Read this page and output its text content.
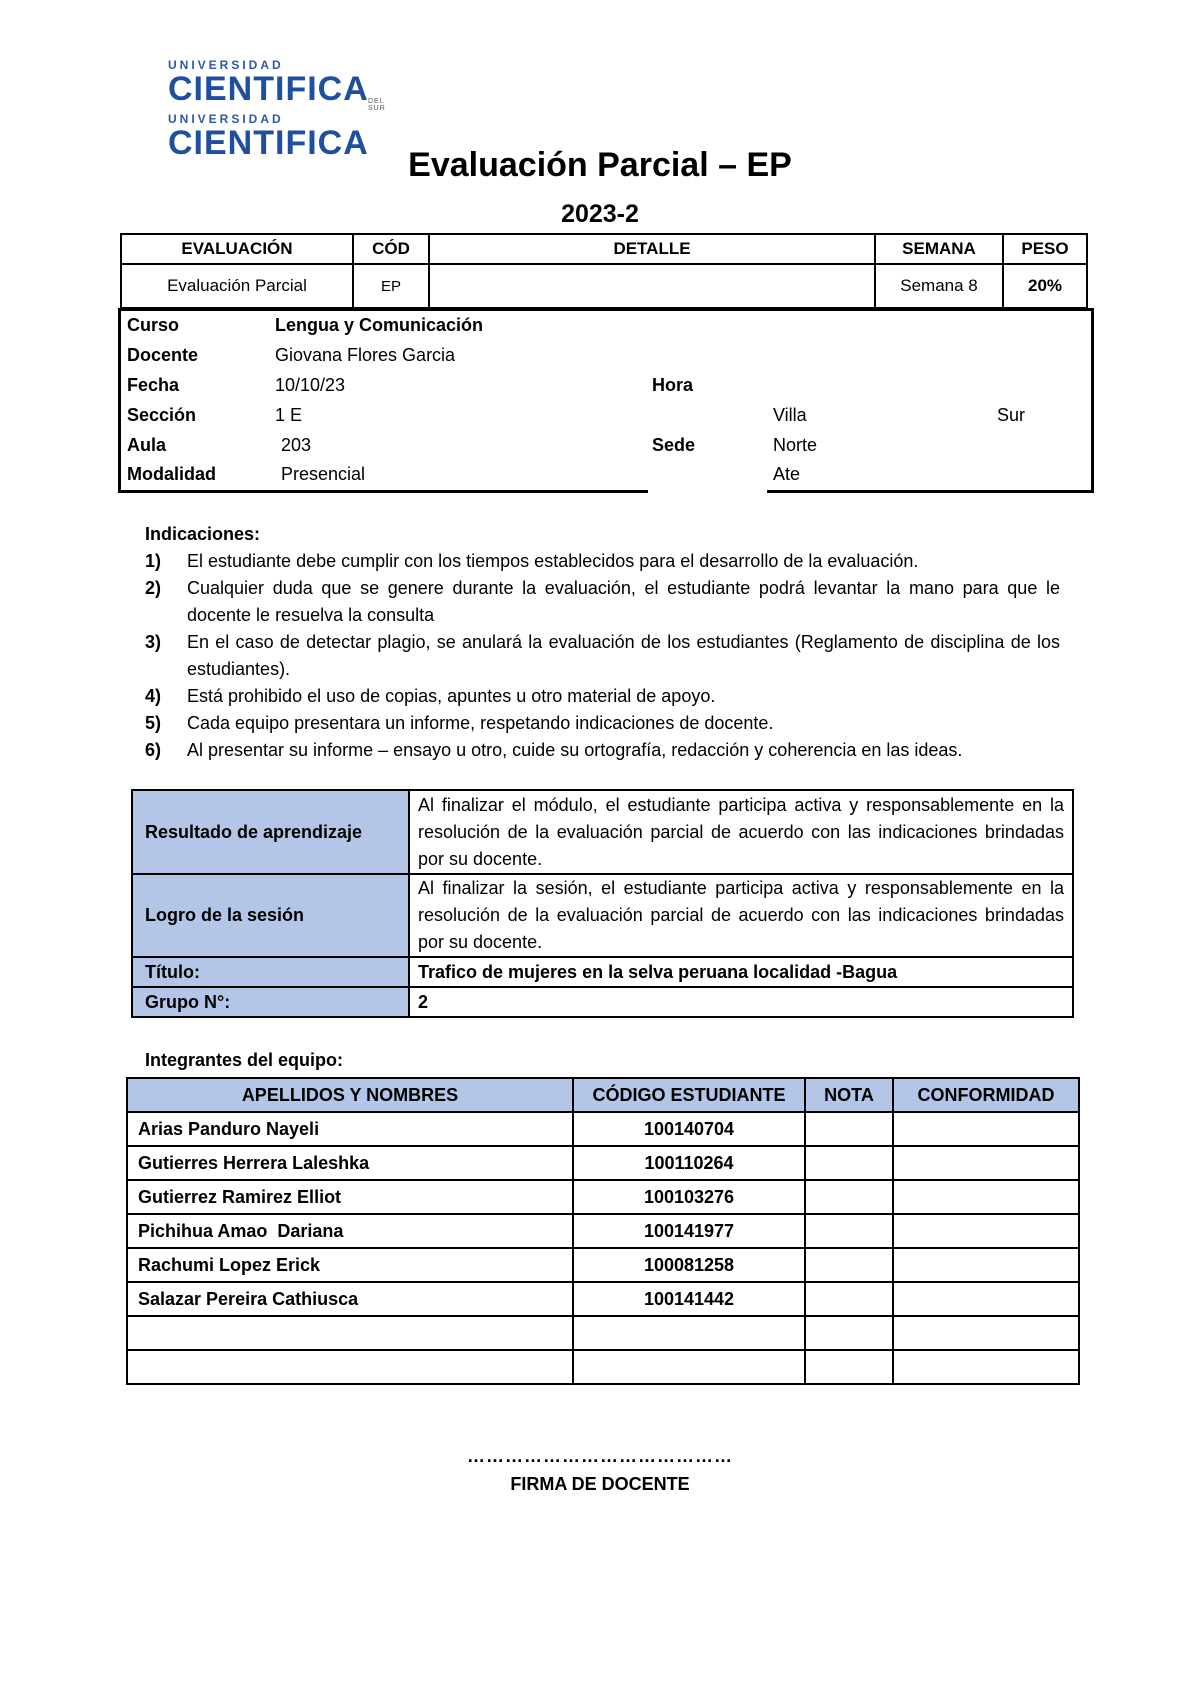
UNIVERSIDAD
CIENTIFICA DEL SUR
UNIVERSIDAD
CIENTIFICA
Evaluación Parcial – EP
2023-2
EVALUACIÓN	CÓD	DETALLE	SEMANA	PESO
Evaluación Parcial	EP		Semana 8	20%
Curso	Lengua y Comunicación
Docente	Giovana Flores Garcia
Fecha	10/10/23	Hora
Sección	1 E	Villa	Sur
Aula	203	Sede	Norte
Modalidad	Presencial	Ate
Indicaciones:
1)	El estudiante debe cumplir con los tiempos establecidos para el desarrollo de la evaluación.
2)	Cualquier duda que se genere durante la evaluación, el estudiante podrá levantar la mano para que le docente le resuelva la consulta
3)	En el caso de detectar plagio, se anulará la evaluación de los estudiantes (Reglamento de disciplina de los estudiantes).
4)	Está prohibido el uso de copias, apuntes u otro material de apoyo.
5)	Cada equipo presentara un informe, respetando indicaciones de docente.
6)	Al presentar su informe – ensayo u otro, cuide su ortografía, redacción y coherencia en las ideas.
Resultado de aprendizaje	Al finalizar el módulo, el estudiante participa activa y responsablemente en la resolución de la evaluación parcial de acuerdo con las indicaciones brindadas por su docente.
Logro de la sesión	Al finalizar la sesión, el estudiante participa activa y responsablemente en la resolución de la evaluación parcial de acuerdo con las indicaciones brindadas por su docente.
Título:	Trafico de mujeres en la selva peruana localidad -Bagua
Grupo N°:	2
Integrantes del equipo:
APELLIDOS Y NOMBRES	CÓDIGO ESTUDIANTE	NOTA	CONFORMIDAD
Arias Panduro Nayeli	100140704		
Gutierres Herrera Laleshka	100110264		
Gutierrez Ramirez Elliot	100103276		
Pichihua Amao  Dariana	100141977		
Rachumi Lopez Erick	100081258		
Salazar Pereira Cathiusca	100141442		

……………………………………
FIRMA DE DOCENTE
